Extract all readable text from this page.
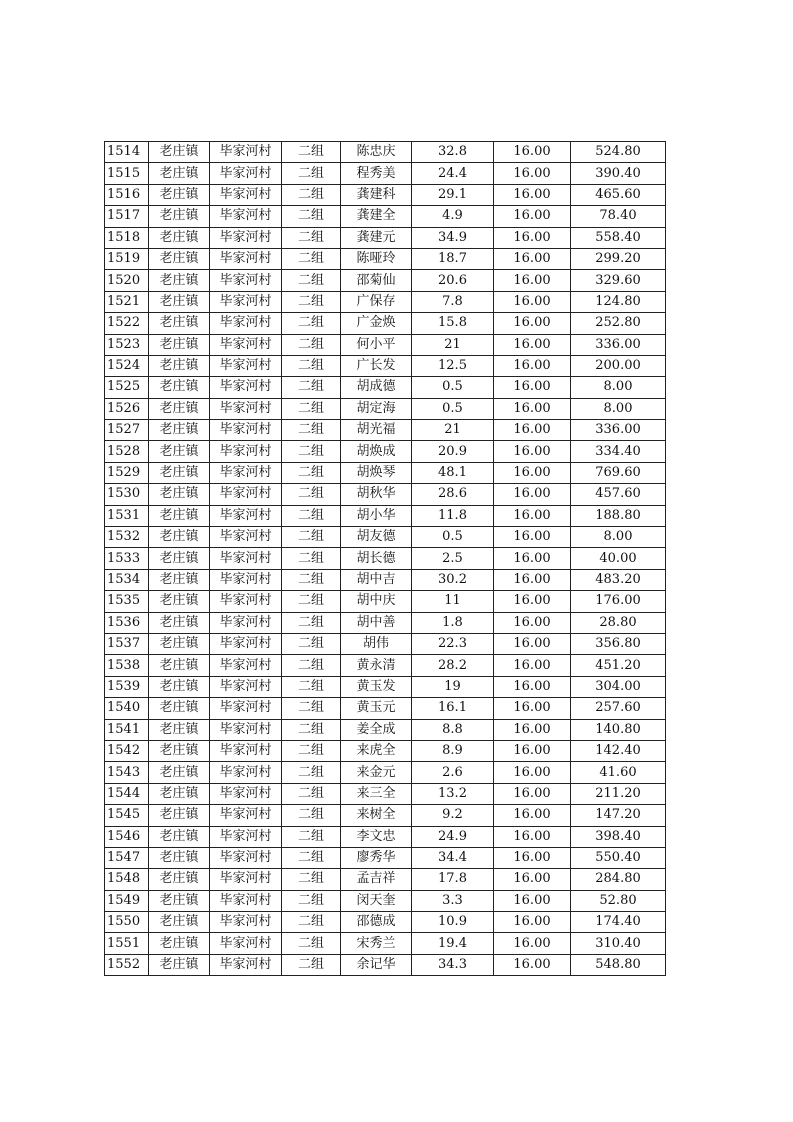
1514	老庄镇	毕家河村	二组	陈忠庆	32.8	16.00	524.80
1515	老庄镇	毕家河村	二组	程秀美	24.4	16.00	390.40
1516	老庄镇	毕家河村	二组	龚建科	29.1	16.00	465.60
1517	老庄镇	毕家河村	二组	龚建全	4.9	16.00	78.40
1518	老庄镇	毕家河村	二组	龚建元	34.9	16.00	558.40
1519	老庄镇	毕家河村	二组	陈哑玲	18.7	16.00	299.20
1520	老庄镇	毕家河村	二组	邵菊仙	20.6	16.00	329.60
1521	老庄镇	毕家河村	二组	广保存	7.8	16.00	124.80
1522	老庄镇	毕家河村	二组	广金焕	15.8	16.00	252.80
1523	老庄镇	毕家河村	二组	何小平	21	16.00	336.00
1524	老庄镇	毕家河村	二组	广长发	12.5	16.00	200.00
1525	老庄镇	毕家河村	二组	胡成德	0.5	16.00	8.00
1526	老庄镇	毕家河村	二组	胡定海	0.5	16.00	8.00
1527	老庄镇	毕家河村	二组	胡光福	21	16.00	336.00
1528	老庄镇	毕家河村	二组	胡焕成	20.9	16.00	334.40
1529	老庄镇	毕家河村	二组	胡焕琴	48.1	16.00	769.60
1530	老庄镇	毕家河村	二组	胡秋华	28.6	16.00	457.60
1531	老庄镇	毕家河村	二组	胡小华	11.8	16.00	188.80
1532	老庄镇	毕家河村	二组	胡友德	0.5	16.00	8.00
1533	老庄镇	毕家河村	二组	胡长德	2.5	16.00	40.00
1534	老庄镇	毕家河村	二组	胡中吉	30.2	16.00	483.20
1535	老庄镇	毕家河村	二组	胡中庆	11	16.00	176.00
1536	老庄镇	毕家河村	二组	胡中善	1.8	16.00	28.80
1537	老庄镇	毕家河村	二组	胡伟	22.3	16.00	356.80
1538	老庄镇	毕家河村	二组	黄永清	28.2	16.00	451.20
1539	老庄镇	毕家河村	二组	黄玉发	19	16.00	304.00
1540	老庄镇	毕家河村	二组	黄玉元	16.1	16.00	257.60
1541	老庄镇	毕家河村	二组	姜全成	8.8	16.00	140.80
1542	老庄镇	毕家河村	二组	来虎全	8.9	16.00	142.40
1543	老庄镇	毕家河村	二组	来金元	2.6	16.00	41.60
1544	老庄镇	毕家河村	二组	来三全	13.2	16.00	211.20
1545	老庄镇	毕家河村	二组	来树全	9.2	16.00	147.20
1546	老庄镇	毕家河村	二组	李文忠	24.9	16.00	398.40
1547	老庄镇	毕家河村	二组	廖秀华	34.4	16.00	550.40
1548	老庄镇	毕家河村	二组	孟吉祥	17.8	16.00	284.80
1549	老庄镇	毕家河村	二组	闵天奎	3.3	16.00	52.80
1550	老庄镇	毕家河村	二组	邵德成	10.9	16.00	174.40
1551	老庄镇	毕家河村	二组	宋秀兰	19.4	16.00	310.40
1552	老庄镇	毕家河村	二组	余记华	34.3	16.00	548.80
